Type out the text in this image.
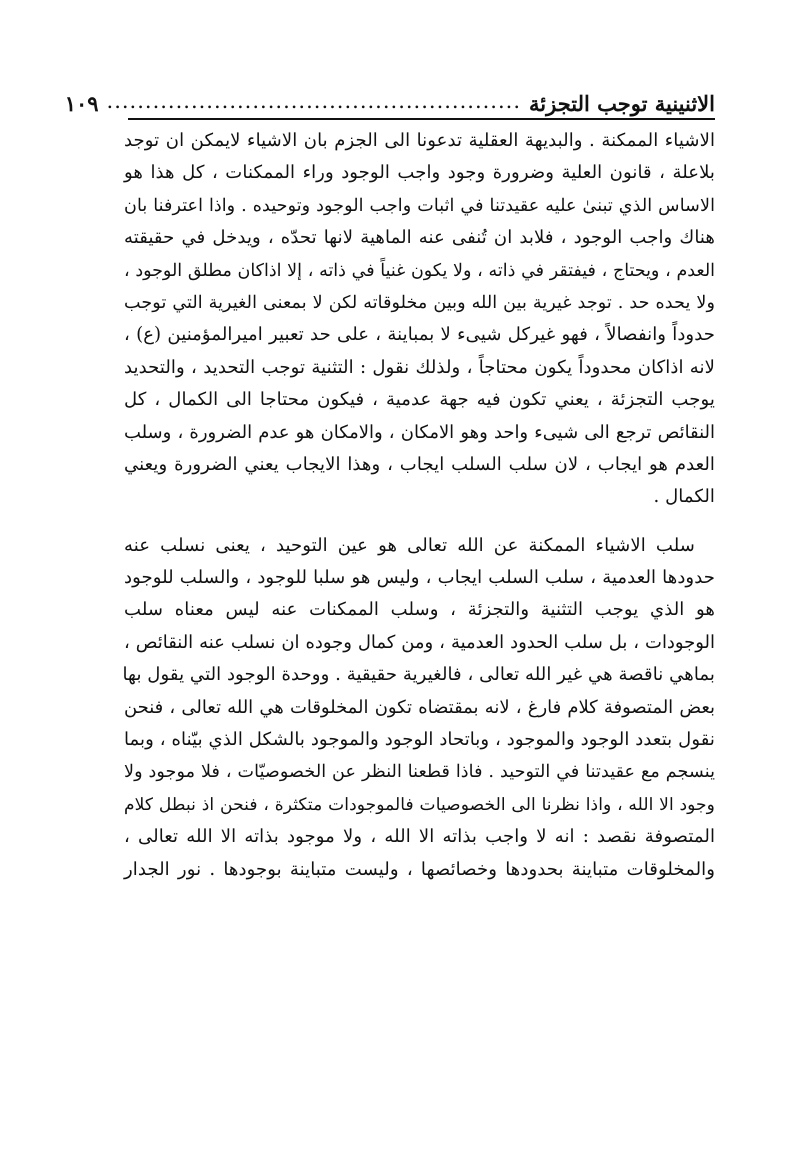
الاثنينية توجب التجزئة
......................................................
١٠٩
الاشياء الممكنة . والبديهة العقلية تدعونا الى الجزم بان الاشياء لايمكن ان توجد
بلاعلة ، قانون العلية وضرورة وجود واجب الوجود وراء الممكنات ، كل هذا هو
الاساس الذي تبنىٰ عليه عقيدتنا في اثبات واجب الوجود وتوحيده . واذا اعترفنا بان
هناك واجب الوجود ، فلابد ان تُنفى عنه الماهية لانها تحدّه ، ويدخل في حقيقته
العدم ، ويحتاج ، فيفتقر في ذاته ، ولا يكون غنياً في ذاته ، إلا اذاكان مطلق الوجود ،
ولا يحده حد . توجد غيرية بين الله وبين مخلوقاته لكن لا بمعنى الغيرية التي توجب
حدوداً وانفصالاً ، فهو غيركل شيىء لا بمباينة ، على حد تعبير اميرالمؤمنين (ع) ،
لانه اذاكان محدوداً يكون محتاجاً ، ولذلك نقول : التثنية توجب التحديد ، والتحديد
يوجب التجزئة ، يعني تكون فيه جهة عدمية ، فيكون محتاجا الى الكمال ، كل
النقائص ترجع الى شيىء واحد وهو الامكان ، والامكان هو عدم الضرورة ، وسلب
العدم هو ايجاب ، لان سلب السلب ايجاب ، وهذا الايجاب يعني الضرورة ويعني
الكمال .
سلب الاشياء الممكنة عن الله تعالى هو عين التوحيد ، يعنى نسلب عنه
حدودها العدمية ، سلب السلب ايجاب ، وليس هو سلبا للوجود ، والسلب للوجود
هو الذي يوجب التثنية والتجزئة ، وسلب الممكنات عنه ليس معناه سلب
الوجودات ، بل سلب الحدود العدمية ، ومن كمال وجوده ان نسلب عنه النقائص ،
بماهي ناقصة هي غير الله تعالى ، فالغيرية حقيقية . ووحدة الوجود التي يقول بها
بعض المتصوفة كلام فارغ ، لانه بمقتضاه تكون المخلوقات هي الله تعالى ، فنحن
نقول بتعدد الوجود والموجود ، وباتحاد الوجود والموجود بالشكل الذي بيّناه ، وبما
ينسجم مع عقيدتنا في التوحيد . فاذا قطعنا النظر عن الخصوصيّات ، فلا موجود ولا
وجود الا الله ، واذا نظرنا الى الخصوصيات فالموجودات متكثرة ، فنحن اذ نبطل كلام
المتصوفة نقصد : انه لا واجب بذاته الا الله ، ولا موجود بذاته الا الله تعالى ،
والمخلوقات متباينة بحدودها وخصائصها ، وليست متباينة بوجودها . نور الجدار
